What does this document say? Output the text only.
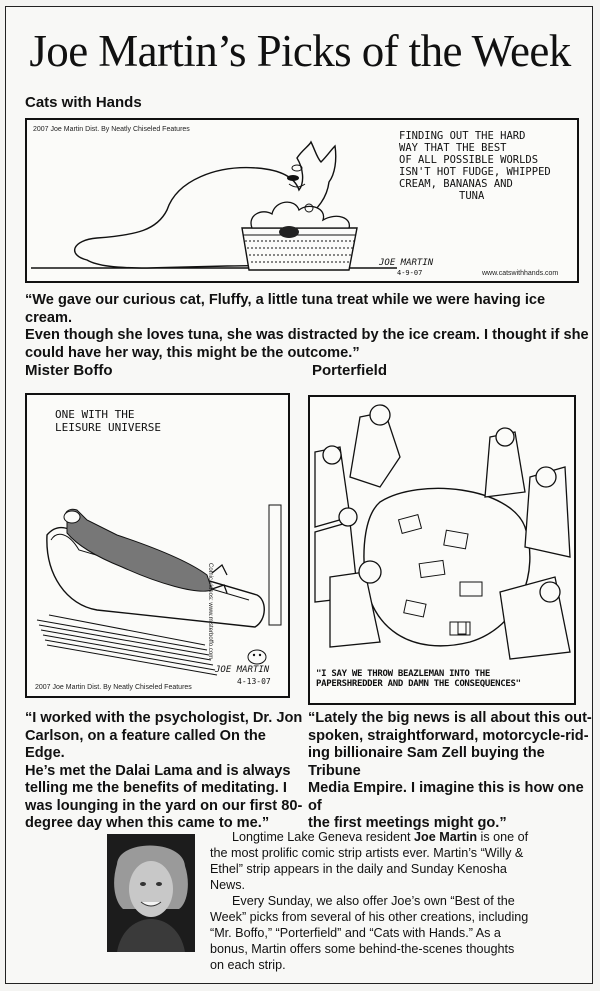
Joe Martin’s Picks of the Week
Cats with Hands
2007 Joe Martin Dist. By Neatly Chiseled Features
FINDING OUT THE HARD
WAY THAT THE BEST
OF ALL POSSIBLE WORLDS
ISN'T HOT FUDGE, WHIPPED
CREAM, BANANAS AND
TUNA
JOE MARTIN
4-9-07	www.catswithhands.com
“We gave our curious cat, Fluffy, a little tuna treat while we were having ice cream.
Even though she loves tuna, she was distracted by the ice cream. I thought if she
could have her way, this might be the outcome.”
Mister Boffo
ONE WITH THE
LEISURE UNIVERSE
Comic videos: www.misterboffo.com
JOE MARTIN
4-13-07
2007 Joe Martin Dist. By Neatly Chiseled Features
“I worked with the psychologist, Dr. Jon
Carlson, on a feature called On the Edge.
He’s met the Dalai Lama and is always
telling me the benefits of meditating. I
was lounging in the yard on our first 80-
degree day when this came to me.”
Porterfield
"I SAY WE THROW BEAZLEMAN INTO THE
PAPERSHREDDER AND DAMN THE CONSEQUENCES"
“Lately the big news is all about this out-
spoken, straightforward, motorcycle-rid-
ing billionaire Sam Zell buying the Tribune
Media Empire. I imagine this is how one of
the first meetings might go.”

Longtime Lake Geneva resident Joe Martin is one of the most prolific comic strip artists ever. Martin’s “Willy & Ethel” strip appears in the daily and Sunday Kenosha News.

Every Sunday, we also offer Joe’s own “Best of the Week” picks from several of his other creations, including “Mr. Boffo,” “Porterfield” and “Cats with Hands.” As a bonus, Martin offers some behind-the-scenes thoughts on each strip.
